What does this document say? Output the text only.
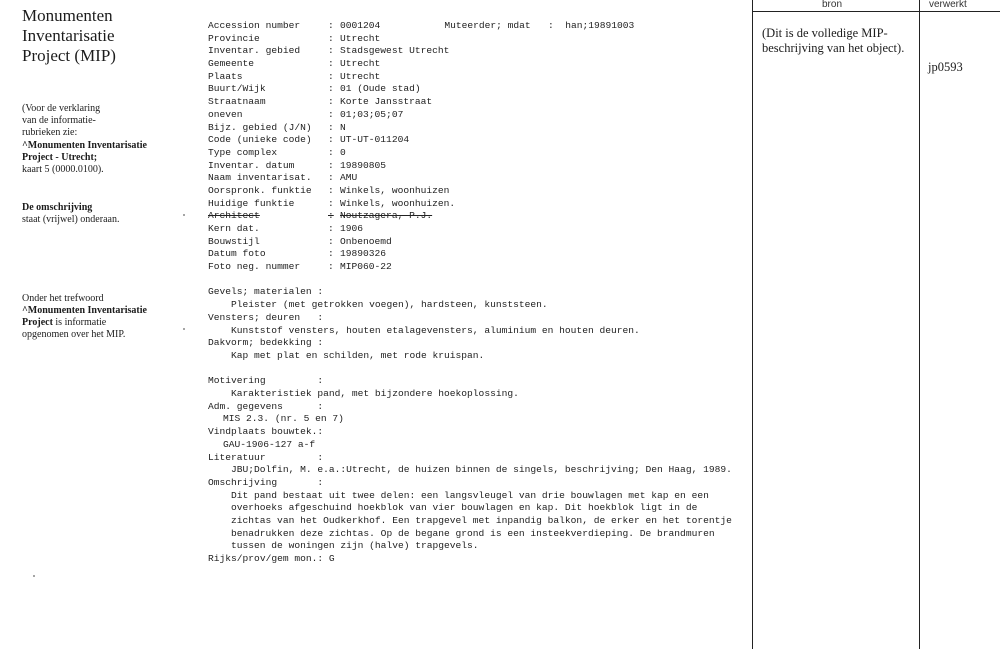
Monumenten
Inventarisatie
Project (MIP)
(Voor de verklaring
van de informatie-
rubrieken zie:
^Monumenten Inventarisatie
Project - Utrecht;
kaart 5 (0000.0100).
De omschrijving
staat (vrijwel) onderaan.
Onder het trefwoord
^Monumenten Inventarisatie
Project is informatie
opgenomen over het MIP.
Accession number	: 0001204	Muteerder; mdat : han;19891003
Provincie	: Utrecht
Inventar. gebied	: Stadsgewest Utrecht
Gemeente	: Utrecht
Plaats	: Utrecht
Buurt/Wijk	: 01 (Oude stad)
Straatnaam	: Korte Jansstraat
oneven	: 01;03;05;07
Bijz. gebied (J/N)	: N
Code (unieke code)	: UT-UT-011204
Type complex	: 0
Inventar. datum	: 19890805
Naam inventarisat.	: AMU
Oorspronk. funktie	: Winkels, woonhuizen
Huidige funktie	: Winkels, woonhuizen.
Architect	: Noutzagera, P.J.
Kern dat.	: 1906
Bouwstijl	: Onbenoemd
Datum foto	: 19890326
Foto neg. nummer	: MIP060-22
Gevels; materialen :
Pleister (met getrokken voegen), hardsteen, kunststeen.
Vensters; deuren   :
Kunststof vensters, houten etalagevensters, aluminium en houten deuren.
Dakvorm; bedekking :
Kap met plat en schilden, met rode kruispan.
Motivering         :
Karakteristiek pand, met bijzondere hoekoplossing.
Adm. gegevens      :
MIS 2.3. (nr. 5 en 7)
Vindplaats bouwtek.:
GAU-1906-127 a-f
Literatuur         :
JBU;Dolfin, M. e.a.:Utrecht, de huizen binnen de singels, beschrijving; Den Haag, 1989.
Omschrijving       :
Dit pand bestaat uit twee delen: een langsvleugel van drie bouwlagen met kap en een overhoeks afgeschuind hoekblok van vier bouwlagen en kap. Dit hoekblok ligt in de zichtas van het Oudkerkhof. Een trapgevel met inpandig balkon, de erker en het torentje benadrukken deze zichtas. Op de begane grond is een insteekverdieping. De brandmuren tussen de woningen zijn (halve) trapgevels.
Rijks/prov/gem mon.: G
bron	verwerkt
(Dit is de volledige MIP-beschrijving van het object).
jp0593
